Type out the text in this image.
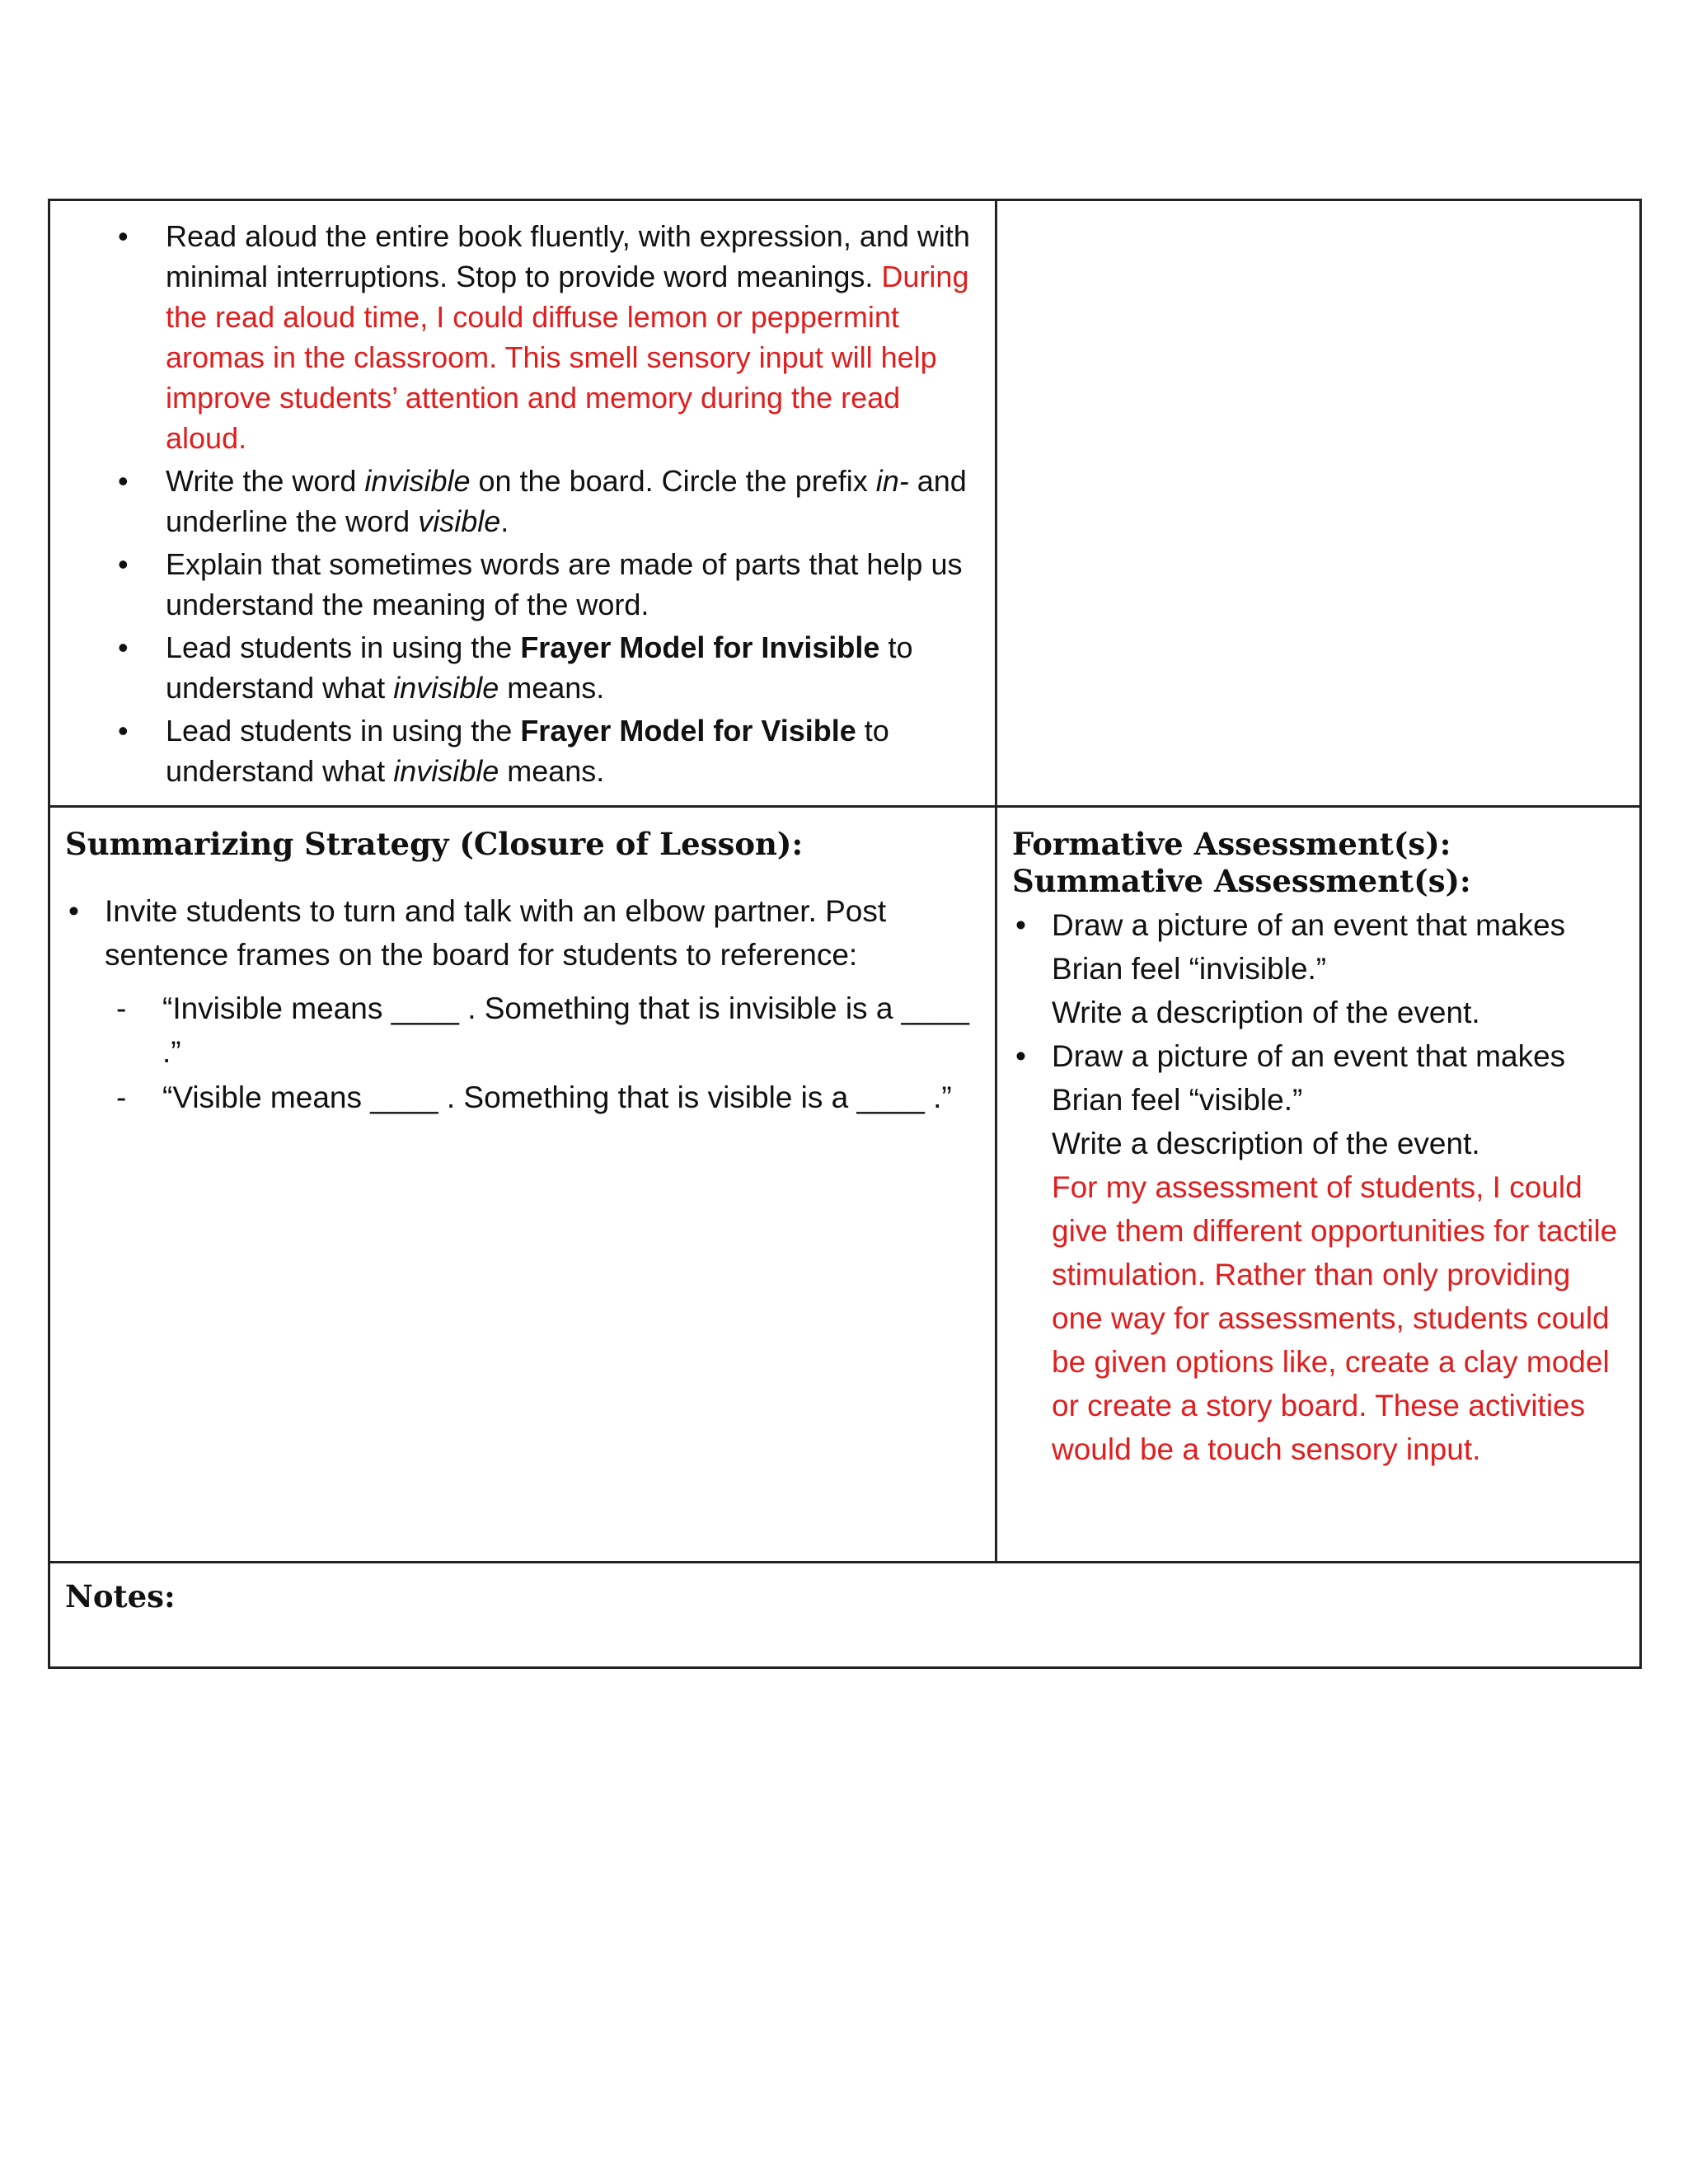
• Read aloud the entire book fluently, with expression, and with minimal interruptions. Stop to provide word meanings. During the read aloud time, I could diffuse lemon or peppermint aromas in the classroom. This smell sensory input will help improve students’ attention and memory during the read aloud.
• Write the word invisible on the board. Circle the prefix in- and underline the word visible.
• Explain that sometimes words are made of parts that help us understand the meaning of the word.
• Lead students in using the Frayer Model for Invisible to understand what invisible means.
• Lead students in using the Frayer Model for Visible to understand what invisible means.
Summarizing Strategy (Closure of Lesson):
• Invite students to turn and talk with an elbow partner. Post sentence frames on the board for students to reference:
- “Invisible means ____ . Something that is invisible is a ____ .”
- “Visible means ____ . Something that is visible is a ____ .”
Formative Assessment(s):
Summative Assessment(s):
• Draw a picture of an event that makes Brian feel “invisible.”
Write a description of the event.
• Draw a picture of an event that makes Brian feel “visible.”
Write a description of the event.
For my assessment of students, I could give them different opportunities for tactile stimulation. Rather than only providing one way for assessments, students could be given options like, create a clay model or create a story board. These activities would be a touch sensory input.
Notes:
